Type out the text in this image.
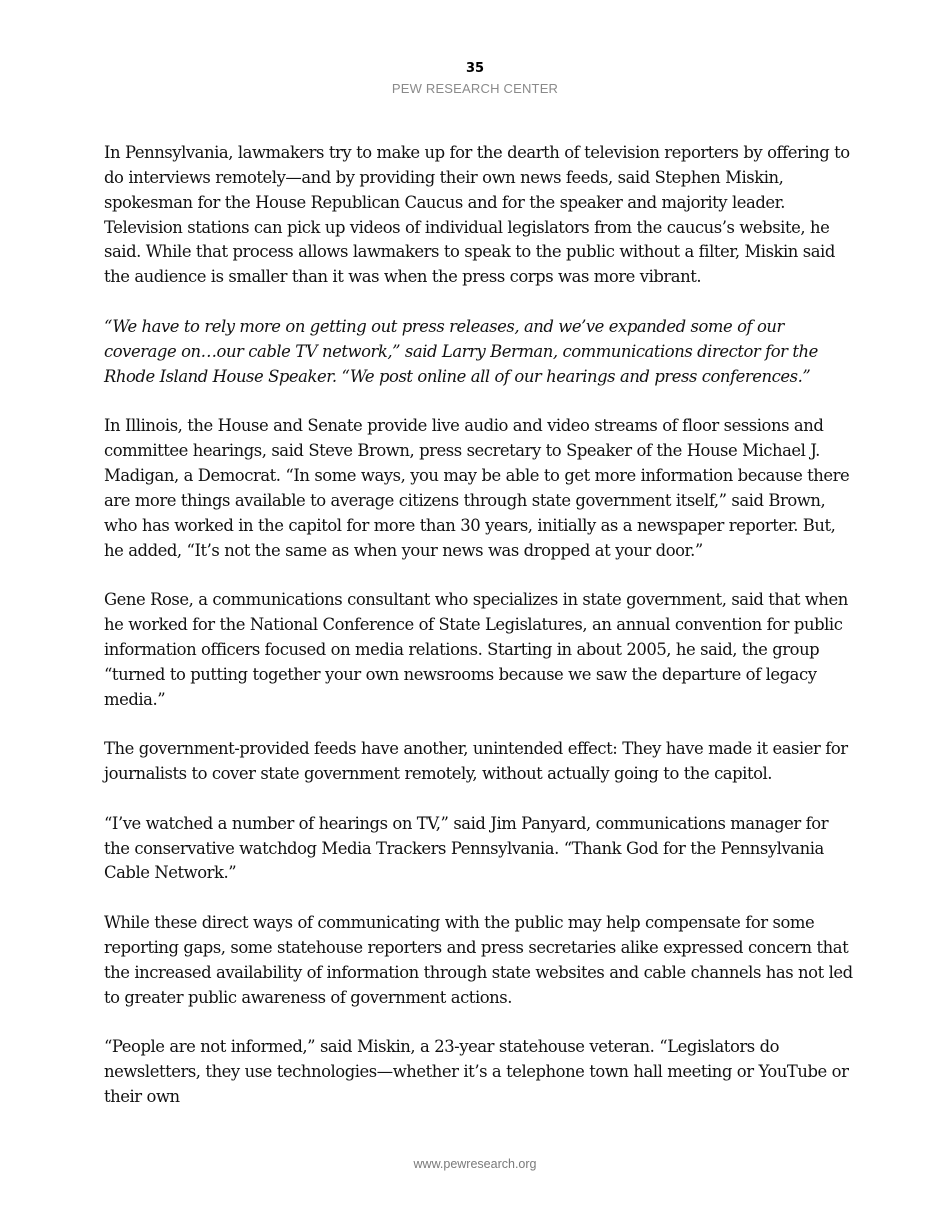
35
PEW RESEARCH CENTER

In Pennsylvania, lawmakers try to make up for the dearth of television reporters by offering to do interviews remotely—and by providing their own news feeds, said Stephen Miskin, spokesman for the House Republican Caucus and for the speaker and majority leader. Television stations can pick up videos of individual legislators from the caucus’s website, he said. While that process allows lawmakers to speak to the public without a filter, Miskin said the audience is smaller than it was when the press corps was more vibrant.

“We have to rely more on getting out press releases, and we’ve expanded some of our coverage on…our cable TV network,” said Larry Berman, communications director for the Rhode Island House Speaker. “We post online all of our hearings and press conferences.”

In Illinois, the House and Senate provide live audio and video streams of floor sessions and committee hearings, said Steve Brown, press secretary to Speaker of the House Michael J. Madigan, a Democrat. “In some ways, you may be able to get more information because there are more things available to average citizens through state government itself,” said Brown, who has worked in the capitol for more than 30 years, initially as a newspaper reporter. But, he added, “It’s not the same as when your news was dropped at your door.”

Gene Rose, a communications consultant who specializes in state government, said that when he worked for the National Conference of State Legislatures, an annual convention for public information officers focused on media relations. Starting in about 2005, he said, the group “turned to putting together your own newsrooms because we saw the departure of legacy media.”

The government-provided feeds have another, unintended effect: They have made it easier for journalists to cover state government remotely, without actually going to the capitol.

“I’ve watched a number of hearings on TV,” said Jim Panyard, communications manager for the conservative watchdog Media Trackers Pennsylvania. “Thank God for the Pennsylvania Cable Network.”

While these direct ways of communicating with the public may help compensate for some reporting gaps, some statehouse reporters and press secretaries alike expressed concern that the increased availability of information through state websites and cable channels has not led to greater public awareness of government actions.

“People are not informed,” said Miskin, a 23-year statehouse veteran. “Legislators do newsletters, they use technologies—whether it’s a telephone town hall meeting or YouTube or their own

www.pewresearch.org
